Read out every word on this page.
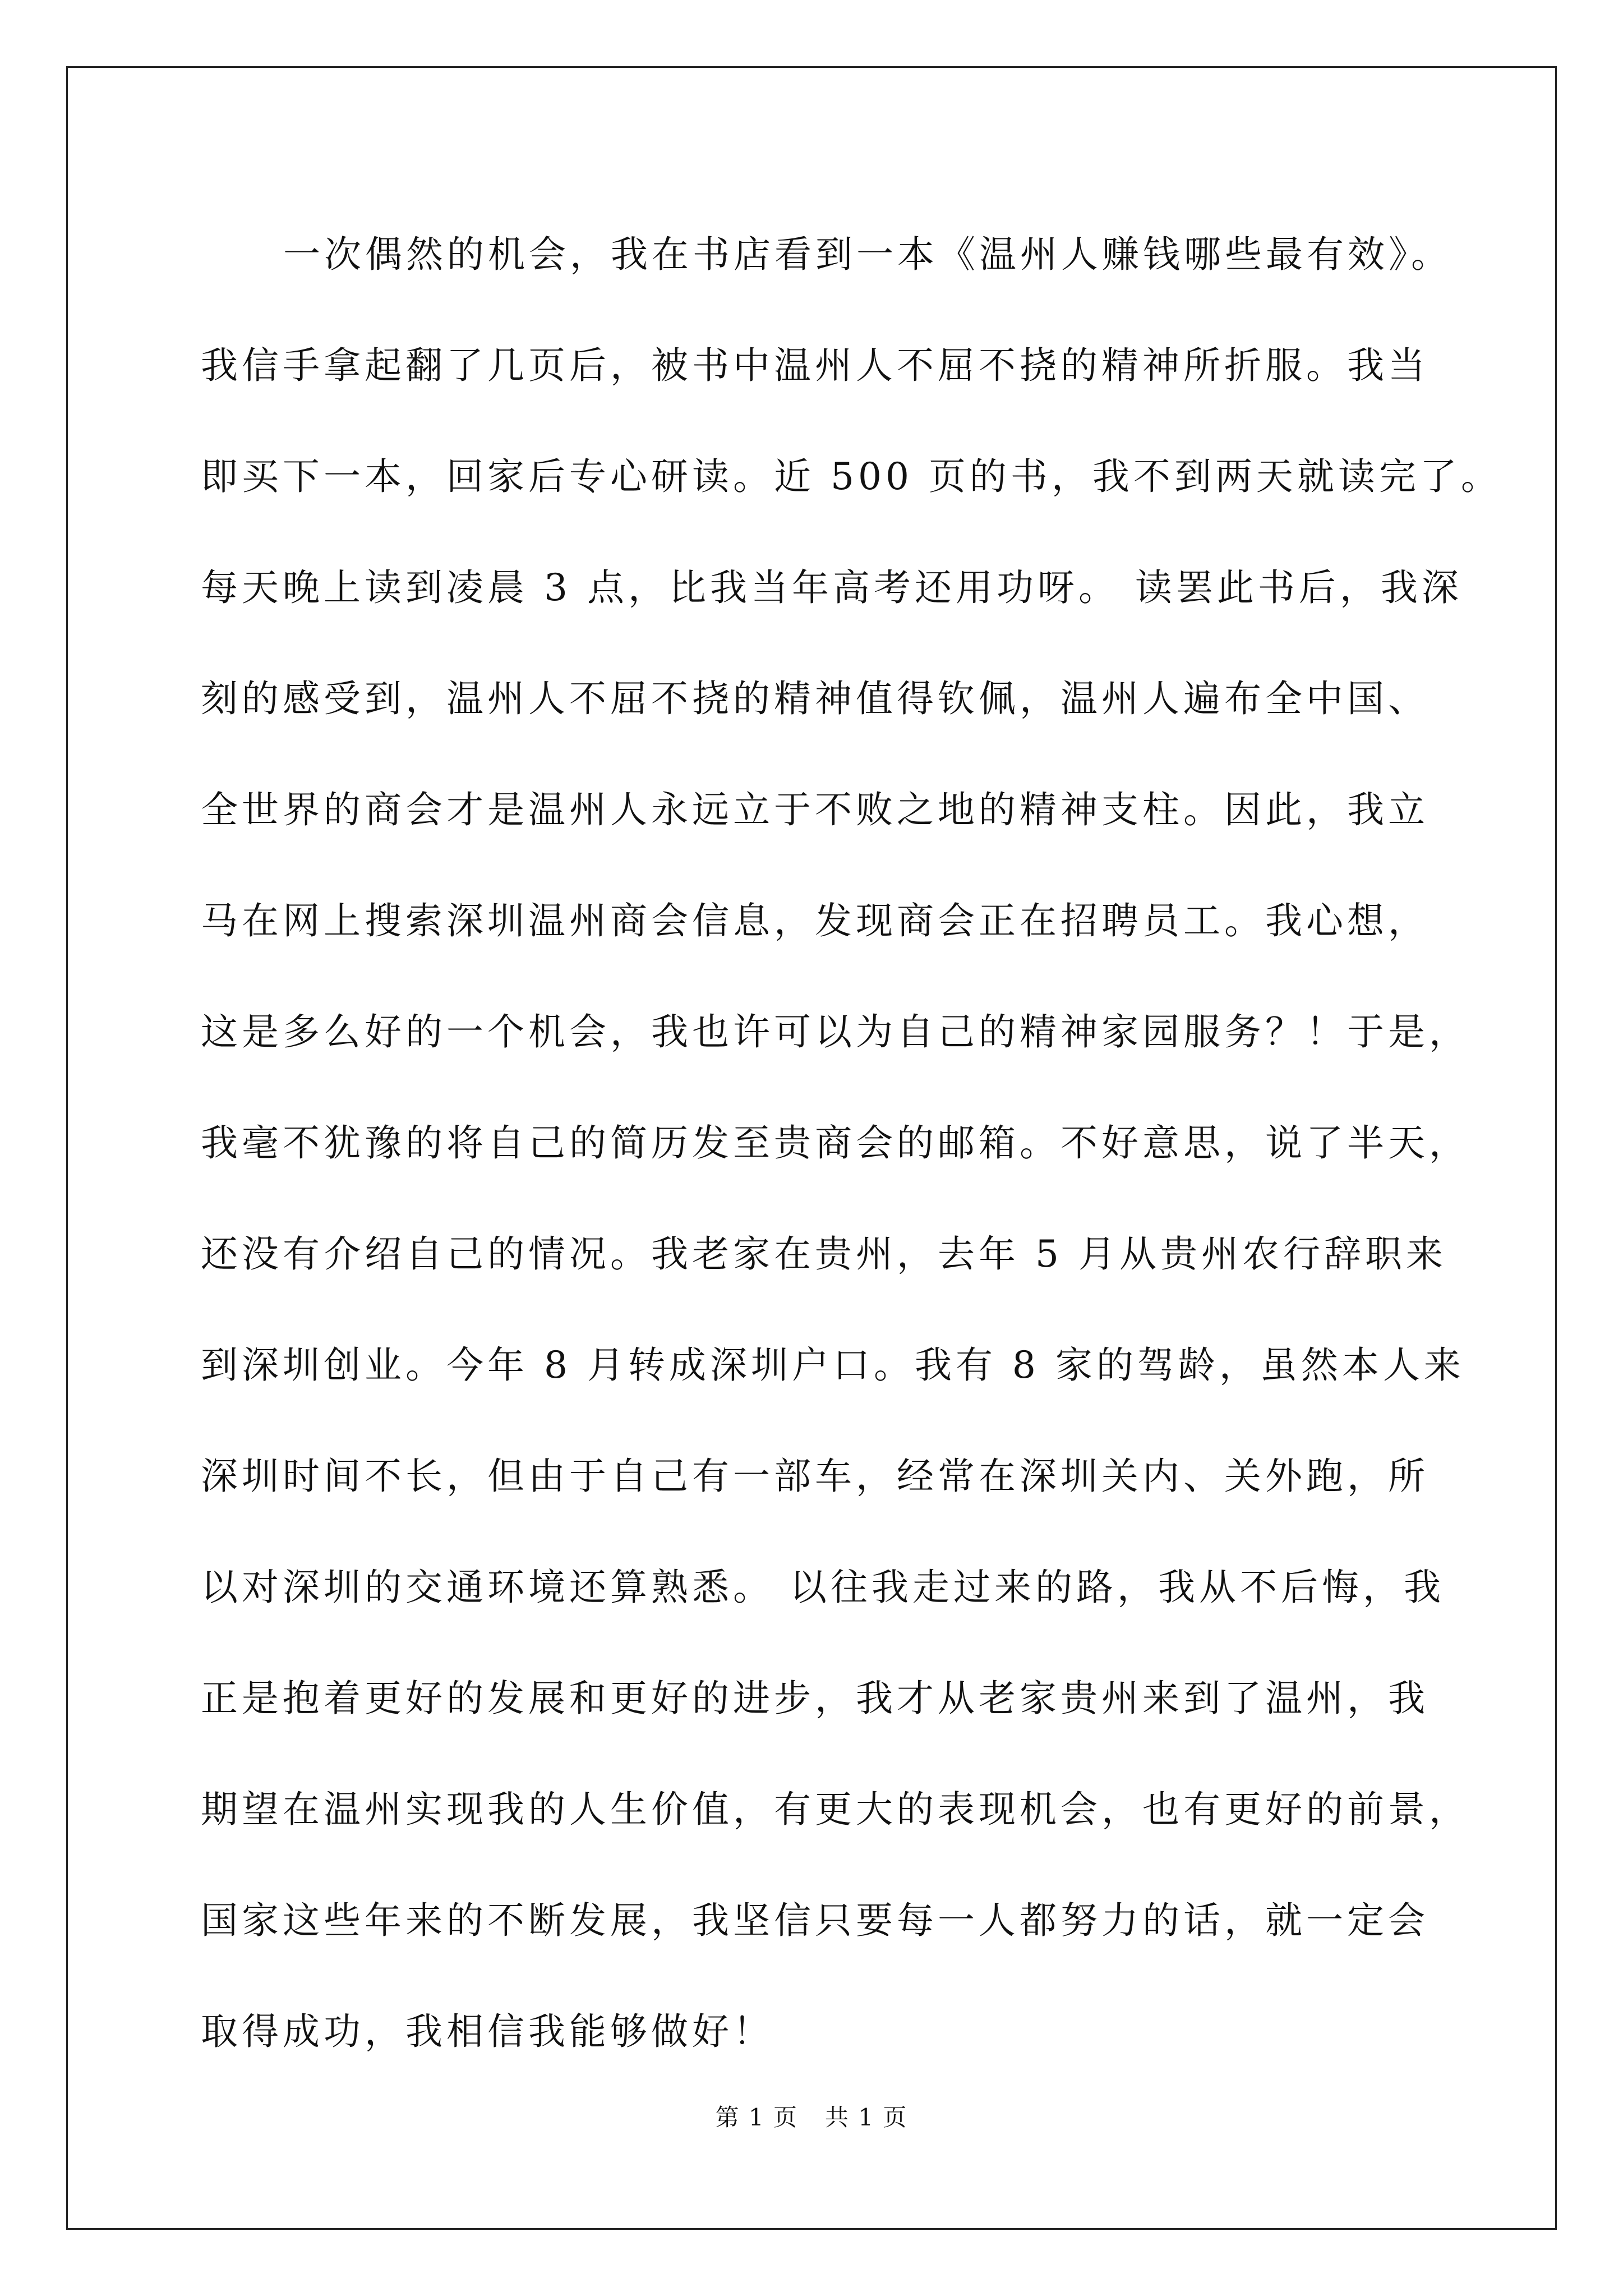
一次偶然的机会，我在书店看到一本《温州人赚钱哪些最有效》。
我信手拿起翻了几页后，被书中温州人不屈不挠的精神所折服。我当
即买下一本，回家后专心研读。近 500 页的书，我不到两天就读完了。
每天晚上读到凌晨 3 点，比我当年高考还用功呀。 读罢此书后，我深
刻的感受到，温州人不屈不挠的精神值得钦佩，温州人遍布全中国、
全世界的商会才是温州人永远立于不败之地的精神支柱。因此，我立
马在网上搜索深圳温州商会信息，发现商会正在招聘员工。我心想，
这是多么好的一个机会，我也许可以为自己的精神家园服务？！于是，
我毫不犹豫的将自己的简历发至贵商会的邮箱。不好意思，说了半天，
还没有介绍自己的情况。我老家在贵州，去年 5 月从贵州农行辞职来
到深圳创业。今年 8 月转成深圳户口。我有 8 家的驾龄，虽然本人来
深圳时间不长，但由于自己有一部车，经常在深圳关内、关外跑，所
以对深圳的交通环境还算熟悉。 以往我走过来的路，我从不后悔，我
正是抱着更好的发展和更好的进步，我才从老家贵州来到了温州，我
期望在温州实现我的人生价值，有更大的表现机会，也有更好的前景，
国家这些年来的不断发展，我坚信只要每一人都努力的话，就一定会
取得成功，我相信我能够做好！
第 1 页 共 1 页
